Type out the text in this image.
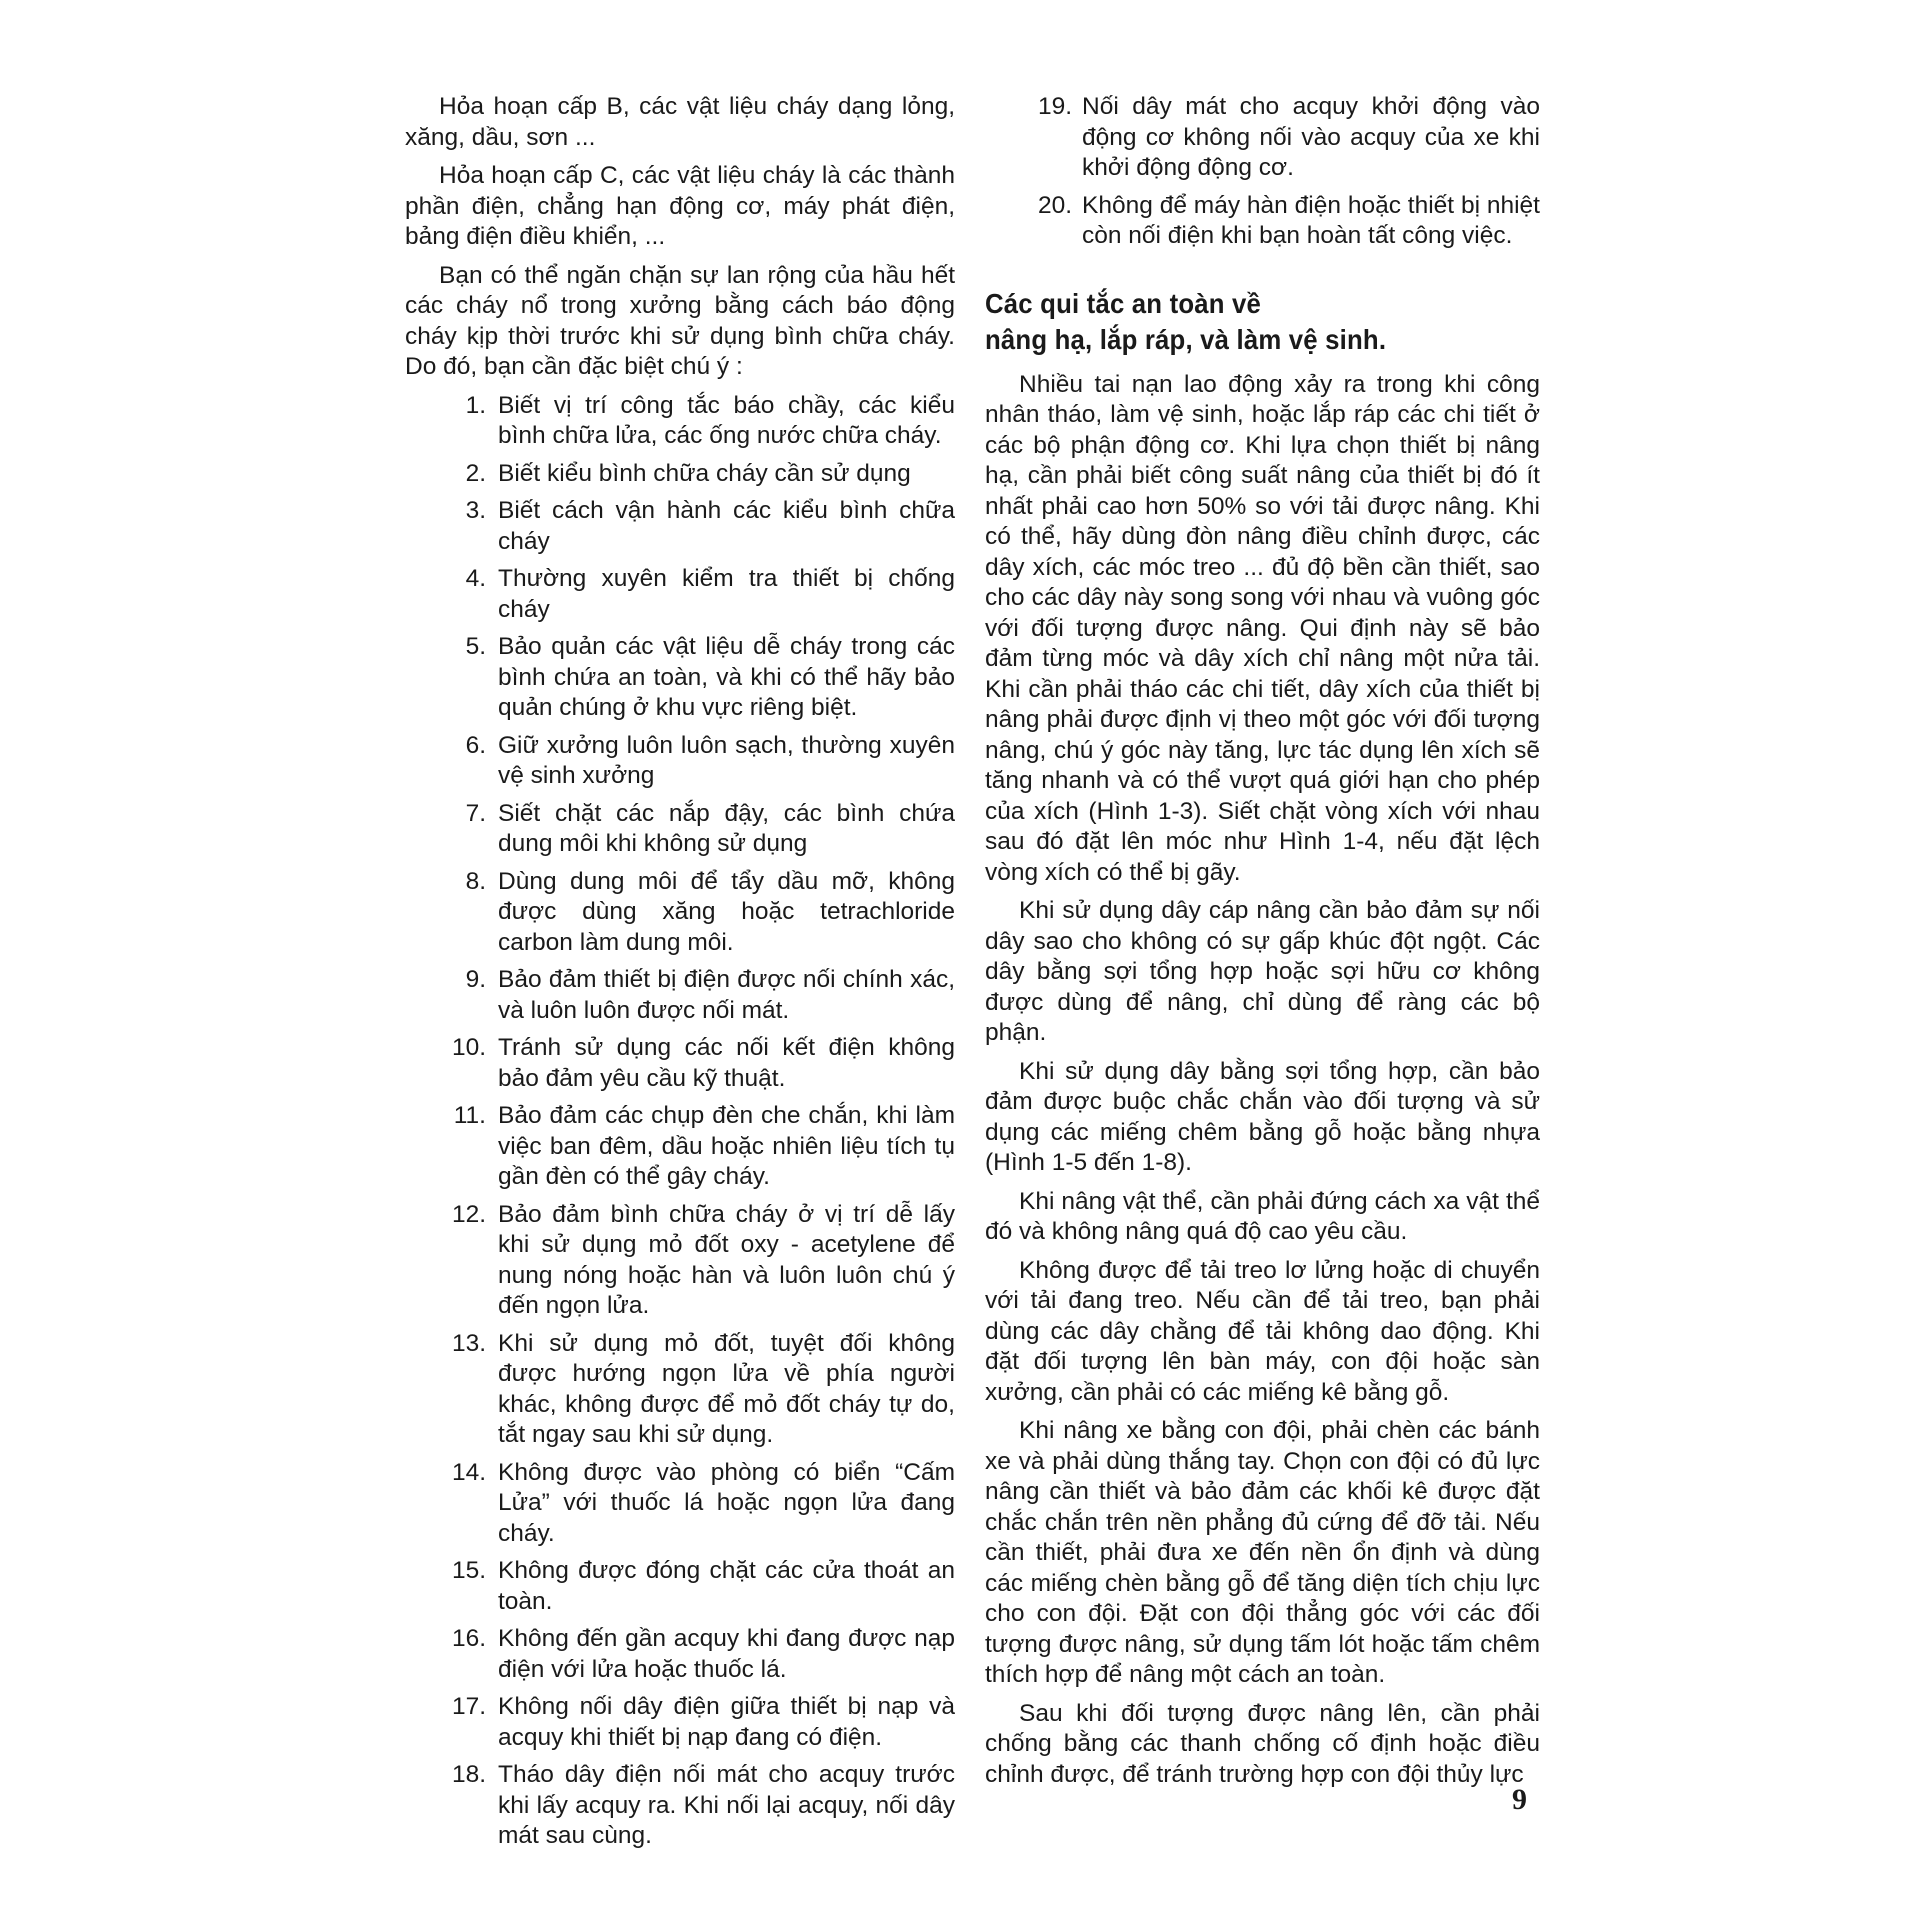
Hỏa hoạn cấp B, các vật liệu cháy dạng lỏng, xăng, dầu, sơn ...

Hỏa hoạn cấp C, các vật liệu cháy là các thành phần điện, chẳng hạn động cơ, máy phát điện, bảng điện điều khiển, ...

Bạn có thể ngăn chặn sự lan rộng của hầu hết các cháy nổ trong xưởng bằng cách báo động cháy kịp thời trước khi sử dụng bình chữa cháy. Do đó, bạn cần đặc biệt chú ý :

1. Biết vị trí công tắc báo chầy, các kiểu bình chữa lửa, các ống nước chữa cháy.
2. Biết kiểu bình chữa cháy cần sử dụng
3. Biết cách vận hành các kiểu bình chữa cháy
4. Thường xuyên kiểm tra thiết bị chống cháy
5. Bảo quản các vật liệu dễ cháy trong các bình chứa an toàn, và khi có thể hãy bảo quản chúng ở khu vực riêng biệt.
6. Giữ xưởng luôn luôn sạch, thường xuyên vệ sinh xưởng
7. Siết chặt các nắp đậy, các bình chứa dung môi khi không sử dụng
8. Dùng dung môi để tẩy dầu mỡ, không được dùng xăng hoặc tetrachloride carbon làm dung môi.
9. Bảo đảm thiết bị điện được nối chính xác, và luôn luôn được nối mát.
10. Tránh sử dụng các nối kết điện không bảo đảm yêu cầu kỹ thuật.
11. Bảo đảm các chụp đèn che chắn, khi làm việc ban đêm, dầu hoặc nhiên liệu tích tụ gần đèn có thể gây cháy.
12. Bảo đảm bình chữa cháy ở vị trí dễ lấy khi sử dụng mỏ đốt oxy - acetylene để nung nóng hoặc hàn và luôn luôn chú ý đến ngọn lửa.
13. Khi sử dụng mỏ đốt, tuyệt đối không được hướng ngọn lửa về phía người khác, không được để mỏ đốt cháy tự do, tắt ngay sau khi sử dụng.
14. Không được vào phòng có biển “Cấm Lửa” với thuốc lá hoặc ngọn lửa đang cháy.
15. Không được đóng chặt các cửa thoát an toàn.
16. Không đến gần acquy khi đang được nạp điện với lửa hoặc thuốc lá.
17. Không nối dây điện giữa thiết bị nạp và acquy khi thiết bị nạp đang có điện.
18. Tháo dây điện nối mát cho acquy trước khi lấy acquy ra. Khi nối lại acquy, nối dây mát sau cùng.
19. Nối dây mát cho acquy khởi động vào động cơ không nối vào acquy của xe khi khởi động động cơ.
20. Không để máy hàn điện hoặc thiết bị nhiệt còn nối điện khi bạn hoàn tất công việc.
Các qui tắc an toàn về
nâng hạ, lắp ráp, và làm vệ sinh.

Nhiều tai nạn lao động xảy ra trong khi công nhân tháo, làm vệ sinh, hoặc lắp ráp các chi tiết ở các bộ phận động cơ. Khi lựa chọn thiết bị nâng hạ, cần phải biết công suất nâng của thiết bị đó ít nhất phải cao hơn 50% so với tải được nâng. Khi có thể, hãy dùng đòn nâng điều chỉnh được, các dây xích, các móc treo ... đủ độ bền cần thiết, sao cho các dây này song song với nhau và vuông góc với đối tượng được nâng. Qui định này sẽ bảo đảm từng móc và dây xích chỉ nâng một nửa tải. Khi cần phải tháo các chi tiết, dây xích của thiết bị nâng phải được định vị theo một góc với đối tượng nâng, chú ý góc này tăng, lực tác dụng lên xích sẽ tăng nhanh và có thể vượt quá giới hạn cho phép của xích (Hình 1-3). Siết chặt vòng xích với nhau sau đó đặt lên móc như Hình 1-4, nếu đặt lệch vòng xích có thể bị gãy.

Khi sử dụng dây cáp nâng cần bảo đảm sự nối dây sao cho không có sự gấp khúc đột ngột. Các dây bằng sợi tổng hợp hoặc sợi hữu cơ không được dùng để nâng, chỉ dùng để ràng các bộ phận.

Khi sử dụng dây bằng sợi tổng hợp, cần bảo đảm được buộc chắc chắn vào đối tượng và sử dụng các miếng chêm bằng gỗ hoặc bằng nhựa (Hình 1-5 đến 1-8).

Khi nâng vật thể, cần phải đứng cách xa vật thể đó và không nâng quá độ cao yêu cầu.

Không được để tải treo lơ lửng hoặc di chuyển với tải đang treo. Nếu cần để tải treo, bạn phải dùng các dây chằng để tải không dao động. Khi đặt đối tượng lên bàn máy, con đội hoặc sàn xưởng, cần phải có các miếng kê bằng gỗ.

Khi nâng xe bằng con đội, phải chèn các bánh xe và phải dùng thắng tay. Chọn con đội có đủ lực nâng cần thiết và bảo đảm các khối kê được đặt chắc chắn trên nền phẳng đủ cứng để đỡ tải. Nếu cần thiết, phải đưa xe đến nền ổn định và dùng các miếng chèn bằng gỗ để tăng diện tích chịu lực cho con đội. Đặt con đội thẳng góc với các đối tượng được nâng, sử dụng tấm lót hoặc tấm chêm thích hợp để nâng một cách an toàn.

Sau khi đối tượng được nâng lên, cần phải chống bằng các thanh chống cố định hoặc điều chỉnh được, để tránh trường hợp con đội thủy lực

9
